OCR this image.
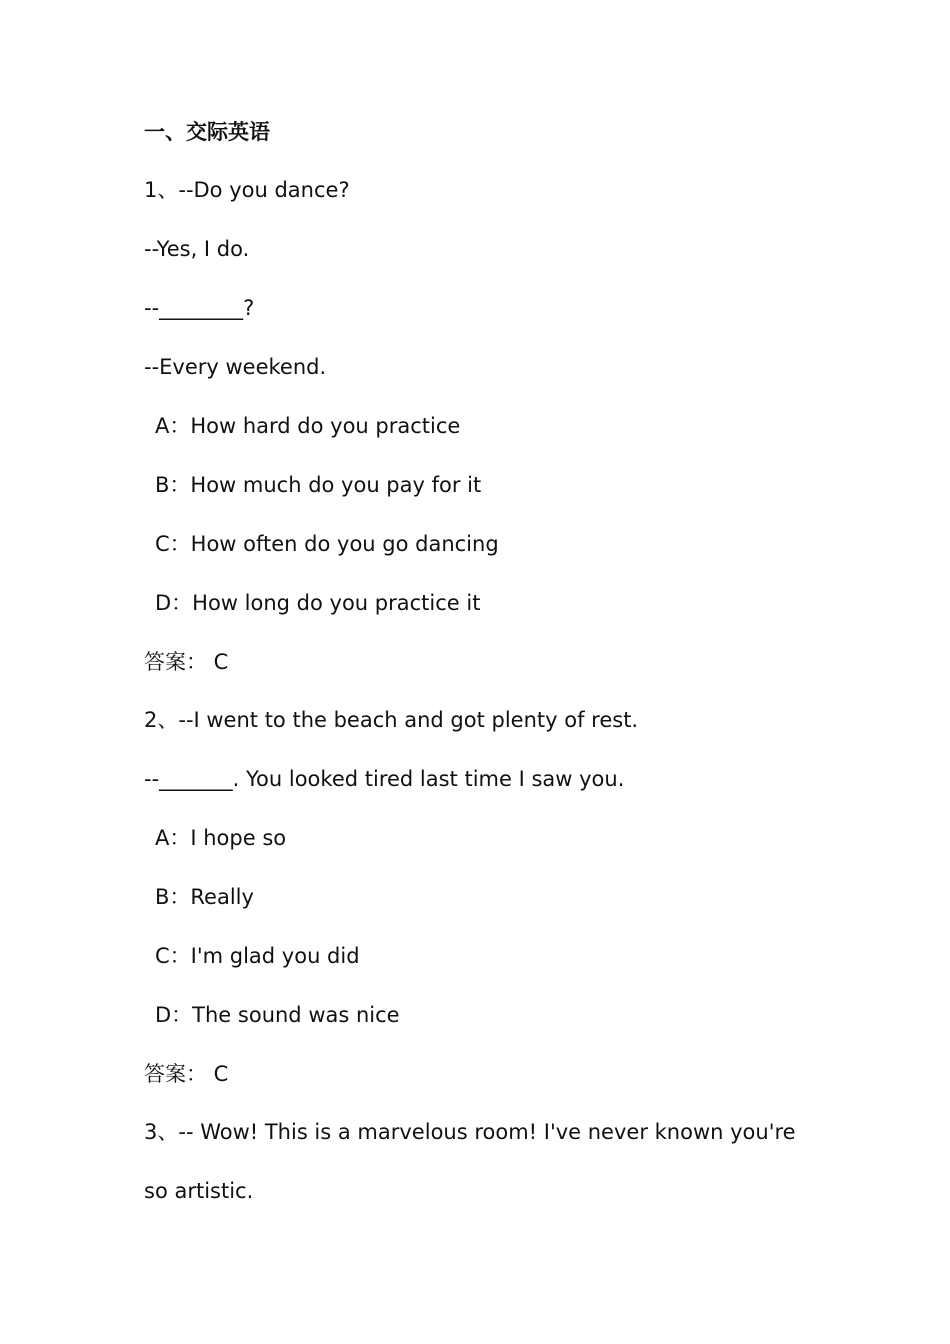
一、交际英语
1、--Do you dance?
--Yes, I do.
--________?
--Every weekend.
A：How hard do you practice
B：How much do you pay for it
C：How often do you go dancing
D：How long do you practice it
答案： C
2、--I went to the beach and got plenty of rest.
--_______. You looked tired last time I saw you.
A：I hope so
B：Really
C：I'm glad you did
D：The sound was nice
答案： C
3、-- Wow! This is a marvelous room! I've never known you're
so artistic.
